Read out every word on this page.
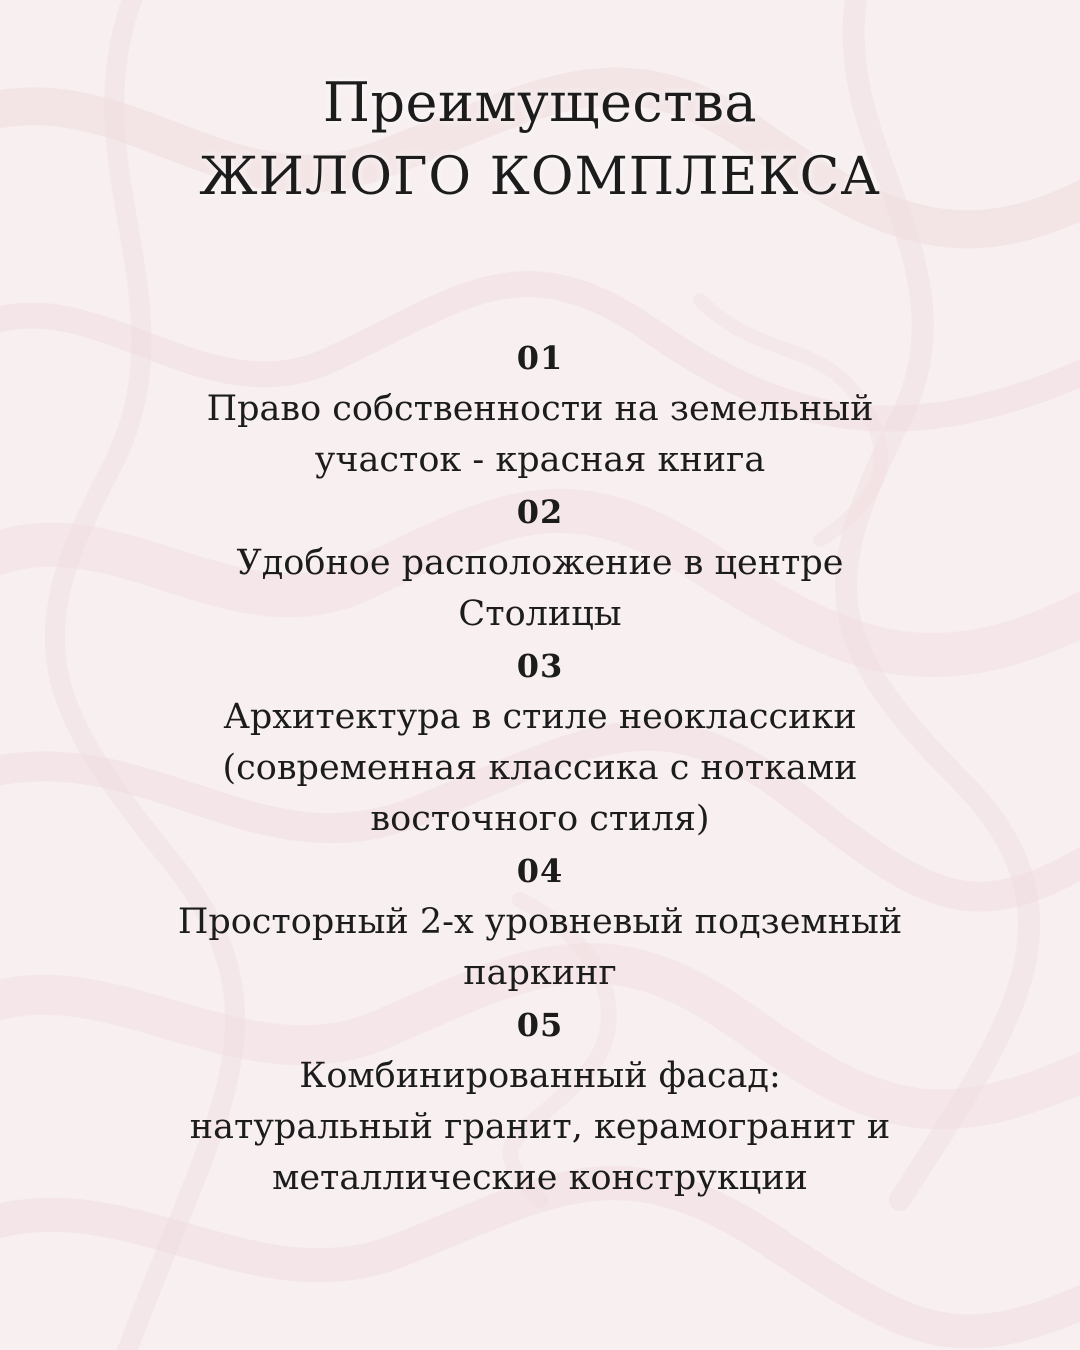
Преимущества
ЖИЛОГО КОМПЛЕКСА
01
Право собственности на земельный
участок - красная книга
02
Удобное расположение в центре
Столицы
03
Архитектура в стиле неоклассики
(современная классика с нотками
восточного стиля)
04
Просторный 2-х уровневый подземный
паркинг
05
Комбинированный фасад:
натуральный гранит, керамогранит и
металлические конструкции
